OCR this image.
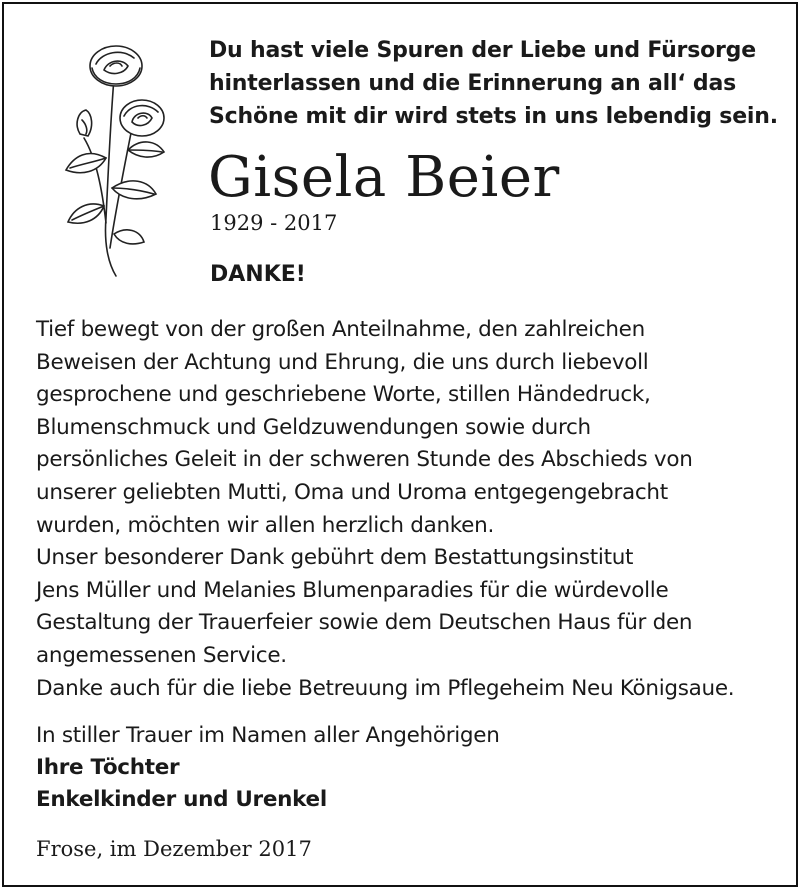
Du hast viele Spuren der Liebe und Fürsorge
hinterlassen und die Erinnerung an all‘ das
Schöne mit dir wird stets in uns lebendig sein.
Gisela Beier
1929 - 2017
DANKE!
Tief bewegt von der großen Anteilnahme, den zahlreichen
Beweisen der Achtung und Ehrung, die uns durch liebevoll
gesprochene und geschriebene Worte, stillen Händedruck,
Blumenschmuck und Geldzuwendungen sowie durch
persönliches Geleit in der schweren Stunde des Abschieds von
unserer geliebten Mutti, Oma und Uroma entgegengebracht
wurden, möchten wir allen herzlich danken.
Unser besonderer Dank gebührt dem Bestattungsinstitut
Jens Müller und Melanies Blumenparadies für die würdevolle
Gestaltung der Trauerfeier sowie dem Deutschen Haus für den
angemessenen Service.
Danke auch für die liebe Betreuung im Pflegeheim Neu Königsaue.
In stiller Trauer im Namen aller Angehörigen
Ihre Töchter
Enkelkinder und Urenkel
Frose, im Dezember 2017
